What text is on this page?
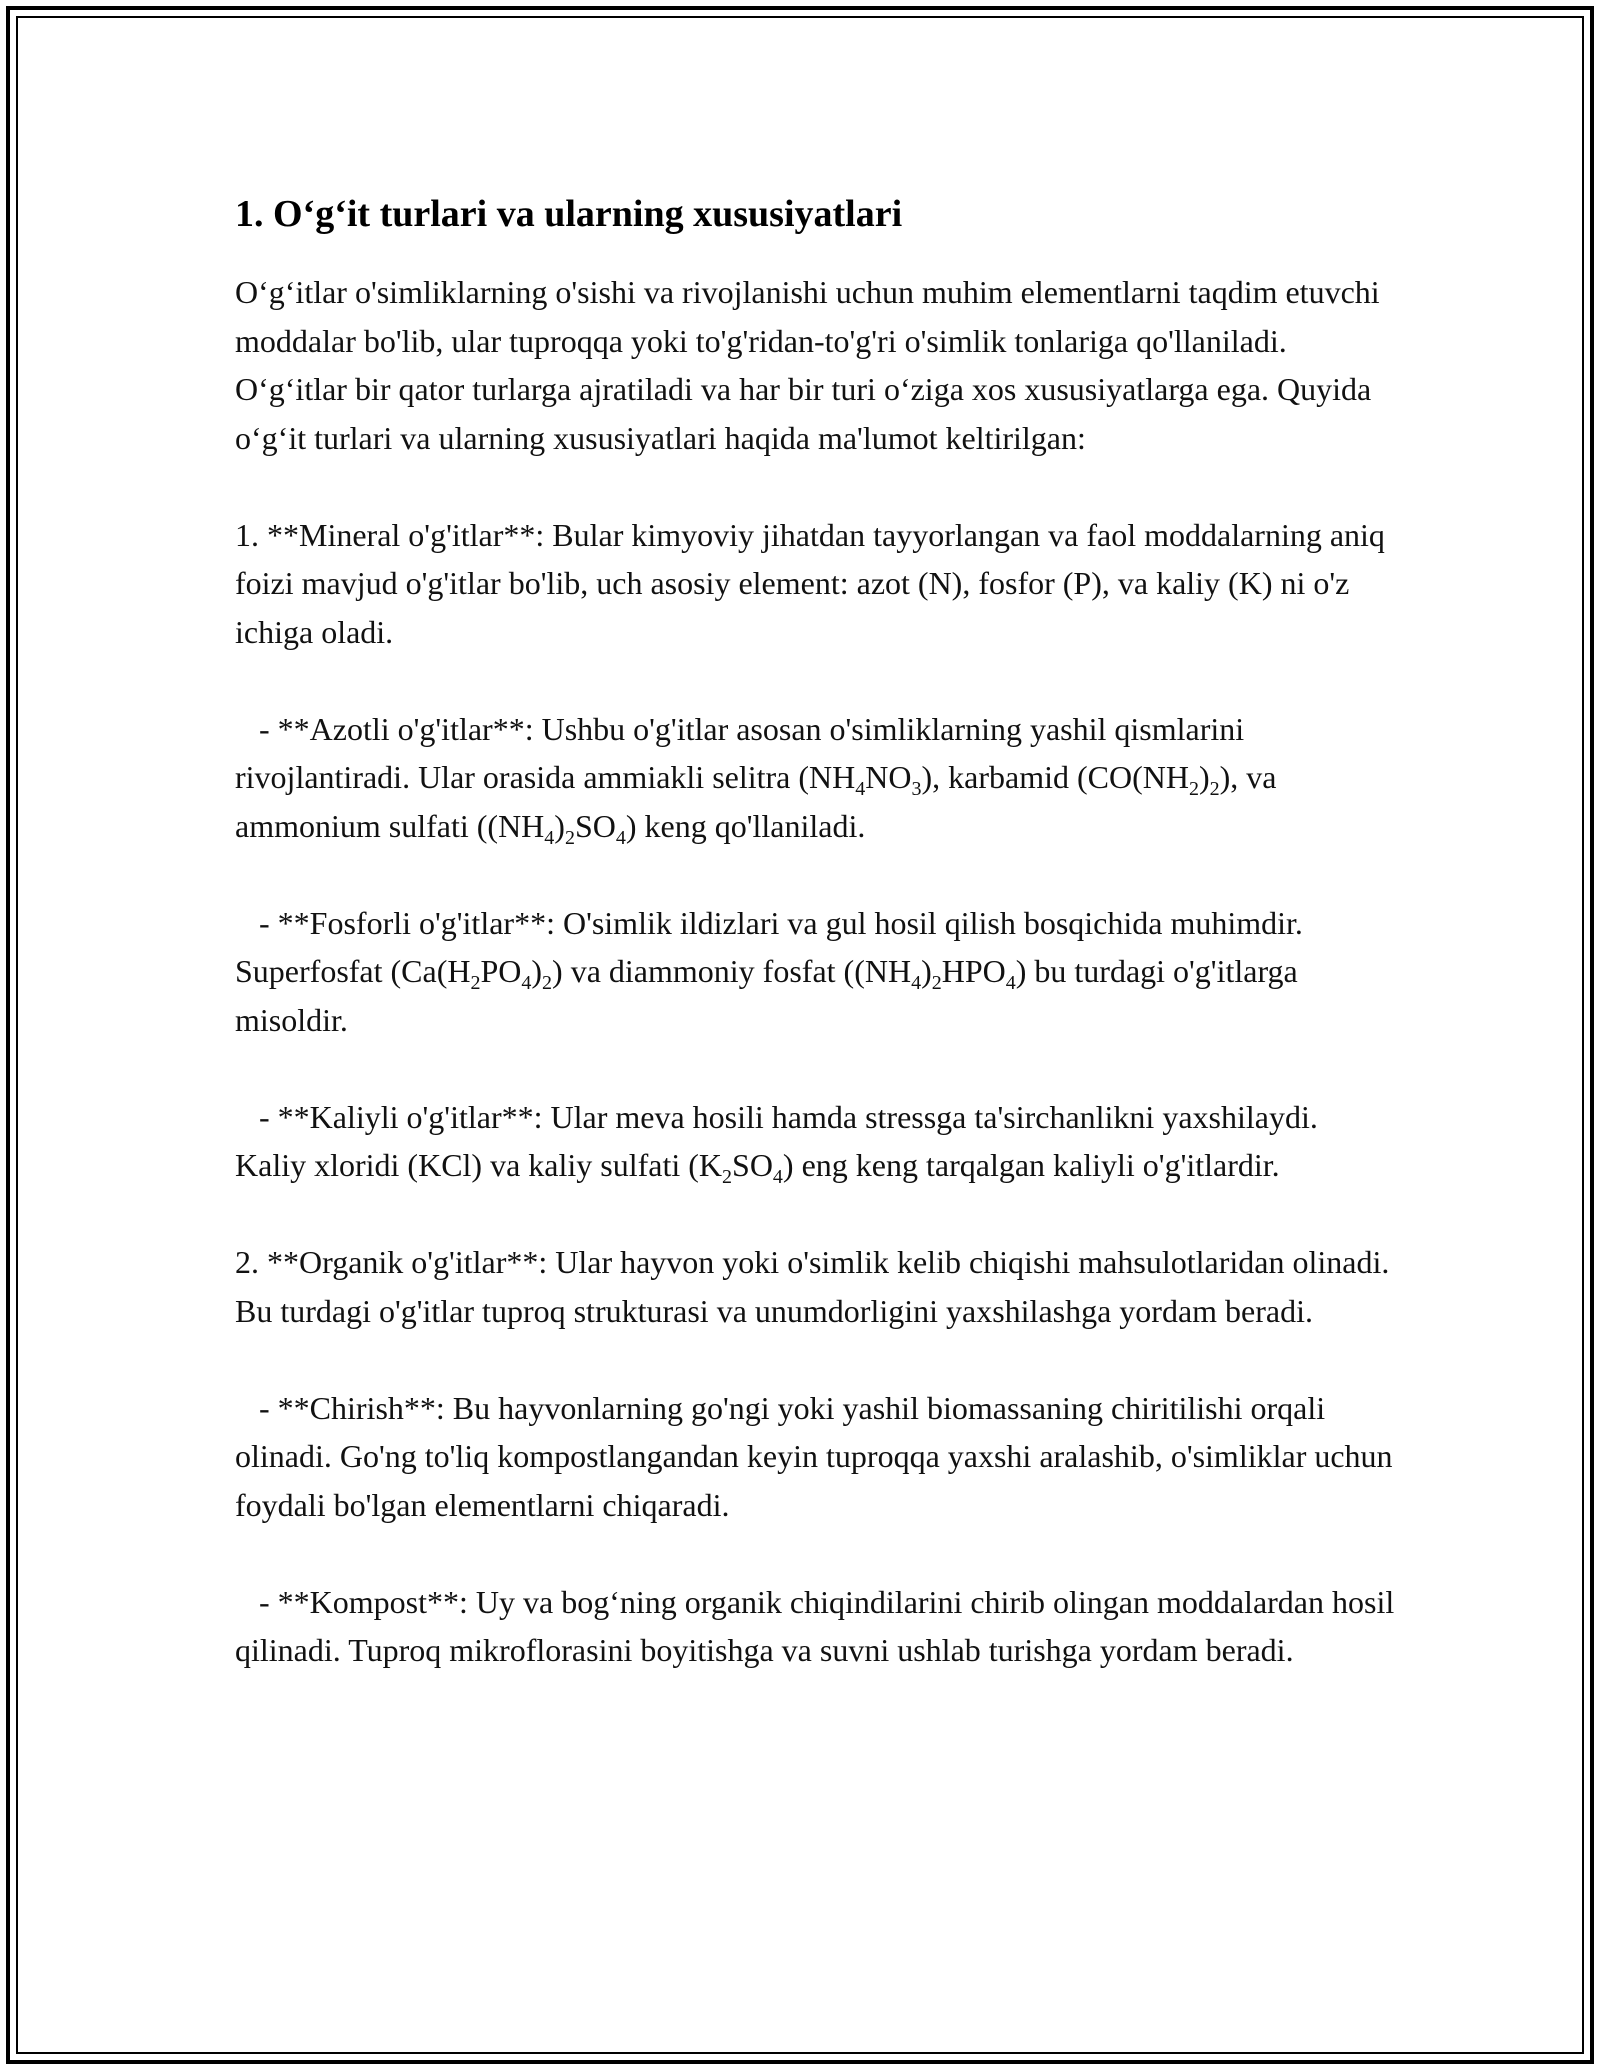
1. O‘g‘it turlari va ularning xususiyatlari

O‘g‘itlar o'simliklarning o'sishi va rivojlanishi uchun muhim elementlarni taqdim etuvchi moddalar bo'lib, ular tuproqqa yoki to'g'ridan-to'g'ri o'simlik tonlariga qo'llaniladi. O‘g‘itlar bir qator turlarga ajratiladi va har bir turi o‘ziga xos xususiyatlarga ega. Quyida o‘g‘it turlari va ularning xususiyatlari haqida ma'lumot keltirilgan:

1. **Mineral o'g'itlar**: Bular kimyoviy jihatdan tayyorlangan va faol moddalarning aniq foizi mavjud o'g'itlar bo'lib, uch asosiy element: azot (N), fosfor (P), va kaliy (K) ni o'z ichiga oladi.

- **Azotli o'g'itlar**: Ushbu o'g'itlar asosan o'simliklarning yashil qismlarini rivojlantiradi. Ular orasida ammiakli selitra $(NH_4NO_3)$, karbamid $(CO(NH_2)_2)$, va ammonium sulfati $((NH_4)_2SO_4)$ keng qo'llaniladi.

- **Fosforli o'g'itlar**: O'simlik ildizlari va gul hosil qilish bosqichida muhimdir. Superfosfat $(Ca(H_2PO_4)_2)$ va diammoniy fosfat $((NH_4)_2HPO_4)$ bu turdagi o'g'itlarga misoldir.

- **Kaliyli o'g'itlar**: Ular meva hosili hamda stressga ta'sirchanlikni yaxshilaydi. Kaliy xloridi (KCl) va kaliy sulfati $(K_2SO_4)$ eng keng tarqalgan kaliyli o'g'itlardir.

2. **Organik o'g'itlar**: Ular hayvon yoki o'simlik kelib chiqishi mahsulotlaridan olinadi. Bu turdagi o'g'itlar tuproq strukturasi va unumdorligini yaxshilashga yordam beradi.

- **Chirish**: Bu hayvonlarning go'ngi yoki yashil biomassaning chiritilishi orqali olinadi. Go'ng to'liq kompostlangandan keyin tuproqqa yaxshi aralashib, o'simliklar uchun foydali bo'lgan elementlarni chiqaradi.

- **Kompost**: Uy va bog‘ning organik chiqindilarini chirib olingan moddalardan hosil qilinadi. Tuproq mikroflorasini boyitishga va suvni ushlab turishga yordam beradi.
